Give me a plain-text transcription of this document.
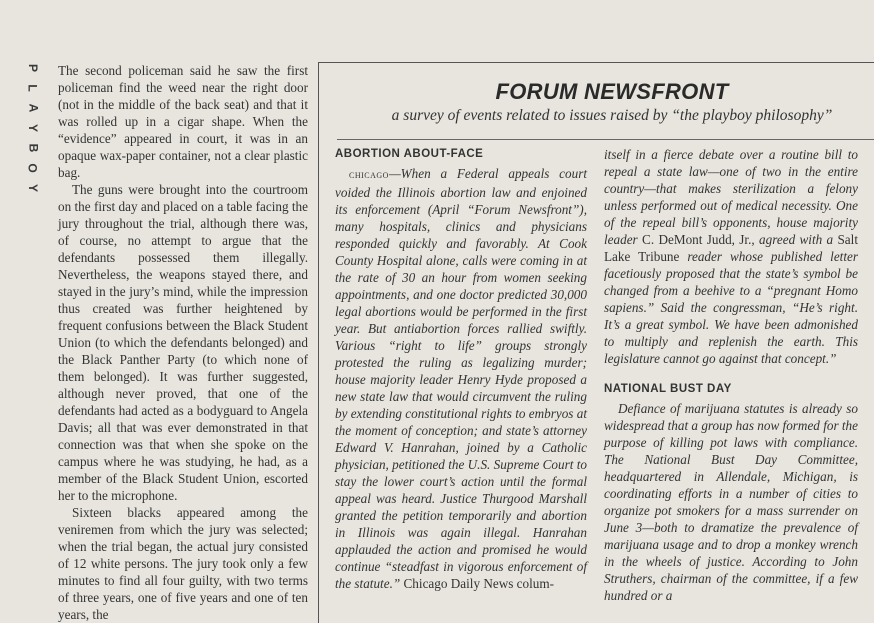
P
L
A
Y
B
O
Y

The second policeman said he saw the first policeman find the weed near the right door (not in the middle of the back seat) and that it was rolled up in a cigar shape. When the “evidence” appeared in court, it was in an opaque wax-paper container, not a clear plastic bag.

The guns were brought into the courtroom on the first day and placed on a table facing the jury throughout the trial, although there was, of course, no attempt to argue that the defendants possessed them illegally. Nevertheless, the weapons stayed there, and stayed in the jury’s mind, while the impression thus created was further heightened by frequent confusions between the Black Student Union (to which the defendants belonged) and the Black Panther Party (to which none of them belonged). It was further suggested, although never proved, that one of the defendants had acted as a bodyguard to Angela Davis; all that was ever demonstrated in that connection was that when she spoke on the campus where he was studying, he had, as a member of the Black Student Union, escorted her to the microphone.

Sixteen blacks appeared among the veniremen from which the jury was selected; when the trial began, the actual jury consisted of 12 white persons. The jury took only a few minutes to find all four guilty, with two terms of three years, one of five years and one of ten years, the

FORUM NEWSFRONT
a survey of events related to issues raised by “the playboy philosophy”
ABORTION ABOUT-FACE

chicago—When a Federal appeals court voided the Illinois abortion law and enjoined its enforcement (April “Forum Newsfront”), many hospitals, clinics and physicians responded quickly and favorably. At Cook County Hospital alone, calls were coming in at the rate of 30 an hour from women seeking appointments, and one doctor predicted 30,000 legal abortions would be performed in the first year. But antiabortion forces rallied swiftly. Various “right to life” groups strongly protested the ruling as legalizing murder; house majority leader Henry Hyde proposed a new state law that would circumvent the ruling by extending constitutional rights to embryos at the moment of conception; and state’s attorney Edward V. Hanrahan, joined by a Catholic physician, petitioned the U.S. Supreme Court to stay the lower court’s action until the formal appeal was heard. Justice Thurgood Marshall granted the petition temporarily and abortion in Illinois was again illegal. Hanrahan applauded the action and promised he would continue “steadfast in vigorous enforcement of the statute.” Chicago Daily News colum-

itself in a fierce debate over a routine bill to repeal a state law—one of two in the entire country—that makes sterilization a felony unless performed out of medical necessity. One of the repeal bill’s opponents, house majority leader C. DeMont Judd, Jr., agreed with a Salt Lake Tribune reader whose published letter facetiously proposed that the state’s symbol be changed from a beehive to a “pregnant Homo sapiens.” Said the congressman, “He’s right. It’s a great symbol. We have been admonished to multiply and replenish the earth. This legislature cannot go against that concept.”

NATIONAL BUST DAY

Defiance of marijuana statutes is already so widespread that a group has now formed for the purpose of killing pot laws with compliance. The National Bust Day Committee, headquartered in Allendale, Michigan, is coordinating efforts in a number of cities to organize pot smokers for a mass surrender on June 3—both to dramatize the prevalence of marijuana usage and to drop a monkey wrench in the wheels of justice. According to John Struthers, chairman of the committee, if a few hundred or a
